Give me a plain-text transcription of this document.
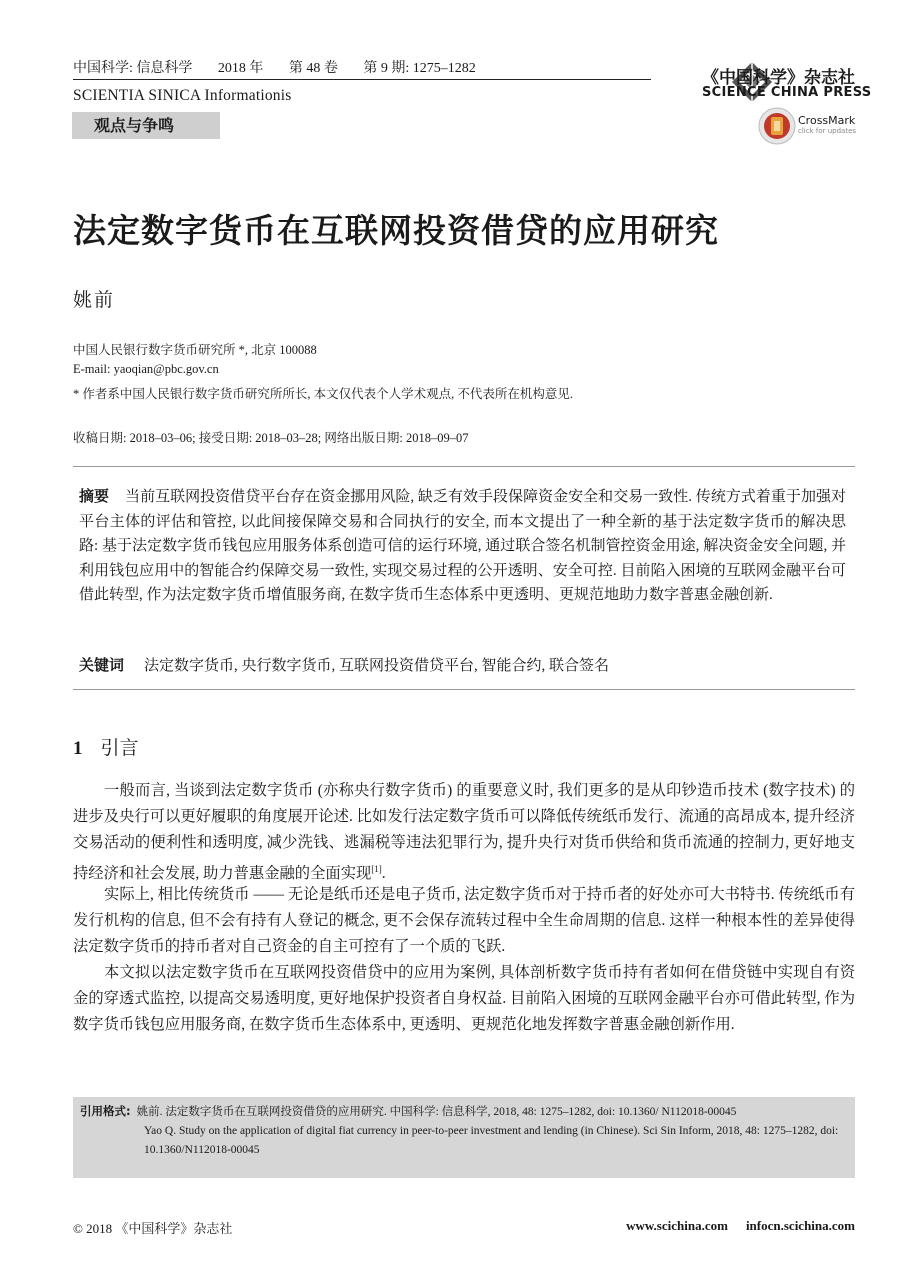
中国科学: 信息科学 2018 年 第 48 卷 第 9 期: 1275–1282
SCIENTIA SINICA Informationis
观点与争鸣
《中国科学》杂志社
SCIENCE CHINA PRESS
CrossMark
click for updates
法定数字货币在互联网投资借贷的应用研究
姚前
中国人民银行数字货币研究所 *, 北京 100088
E-mail: yaoqian@pbc.gov.cn
* 作者系中国人民银行数字货币研究所所长, 本文仅代表个人学术观点, 不代表所在机构意见.
收稿日期: 2018–03–06; 接受日期: 2018–03–28; 网络出版日期: 2018–09–07
摘要 当前互联网投资借贷平台存在资金挪用风险, 缺乏有效手段保障资金安全和交易一致性. 传统方式着重于加强对平台主体的评估和管控, 以此间接保障交易和合同执行的安全, 而本文提出了一种全新的基于法定数字货币的解决思路: 基于法定数字货币钱包应用服务体系创造可信的运行环境, 通过联合签名机制管控资金用途, 解决资金安全问题, 并利用钱包应用中的智能合约保障交易一致性, 实现交易过程的公开透明、安全可控. 目前陷入困境的互联网金融平台可借此转型, 作为法定数字货币增值服务商, 在数字货币生态体系中更透明、更规范地助力数字普惠金融创新.
关键词 法定数字货币, 央行数字货币, 互联网投资借贷平台, 智能合约, 联合签名
1 引言
一般而言, 当谈到法定数字货币 (亦称央行数字货币) 的重要意义时, 我们更多的是从印钞造币技术 (数字技术) 的进步及央行可以更好履职的角度展开论述. 比如发行法定数字货币可以降低传统纸币发行、流通的高昂成本, 提升经济交易活动的便利性和透明度, 减少洗钱、逃漏税等违法犯罪行为, 提升央行对货币供给和货币流通的控制力, 更好地支持经济和社会发展, 助力普惠金融的全面实现[1].
实际上, 相比传统货币 —— 无论是纸币还是电子货币, 法定数字货币对于持币者的好处亦可大书特书. 传统纸币有发行机构的信息, 但不会有持有人登记的概念, 更不会保存流转过程中全生命周期的信息. 这样一种根本性的差异使得法定数字货币的持币者对自己资金的自主可控有了一个质的飞跃.
本文拟以法定数字货币在互联网投资借贷中的应用为案例, 具体剖析数字货币持有者如何在借贷链中实现自有资金的穿透式监控, 以提高交易透明度, 更好地保护投资者自身权益. 目前陷入困境的互联网金融平台亦可借此转型, 作为数字货币钱包应用服务商, 在数字货币生态体系中, 更透明、更规范化地发挥数字普惠金融创新作用.
引用格式: 姚前. 法定数字货币在互联网投资借贷的应用研究. 中国科学: 信息科学, 2018, 48: 1275–1282, doi: 10.1360/ N112018-00045
Yao Q. Study on the application of digital fiat currency in peer-to-peer investment and lending (in Chinese). Sci Sin Inform, 2018, 48: 1275–1282, doi: 10.1360/N112018-00045
© 2018 《中国科学》杂志社	www.scichina.com infocn.scichina.com
